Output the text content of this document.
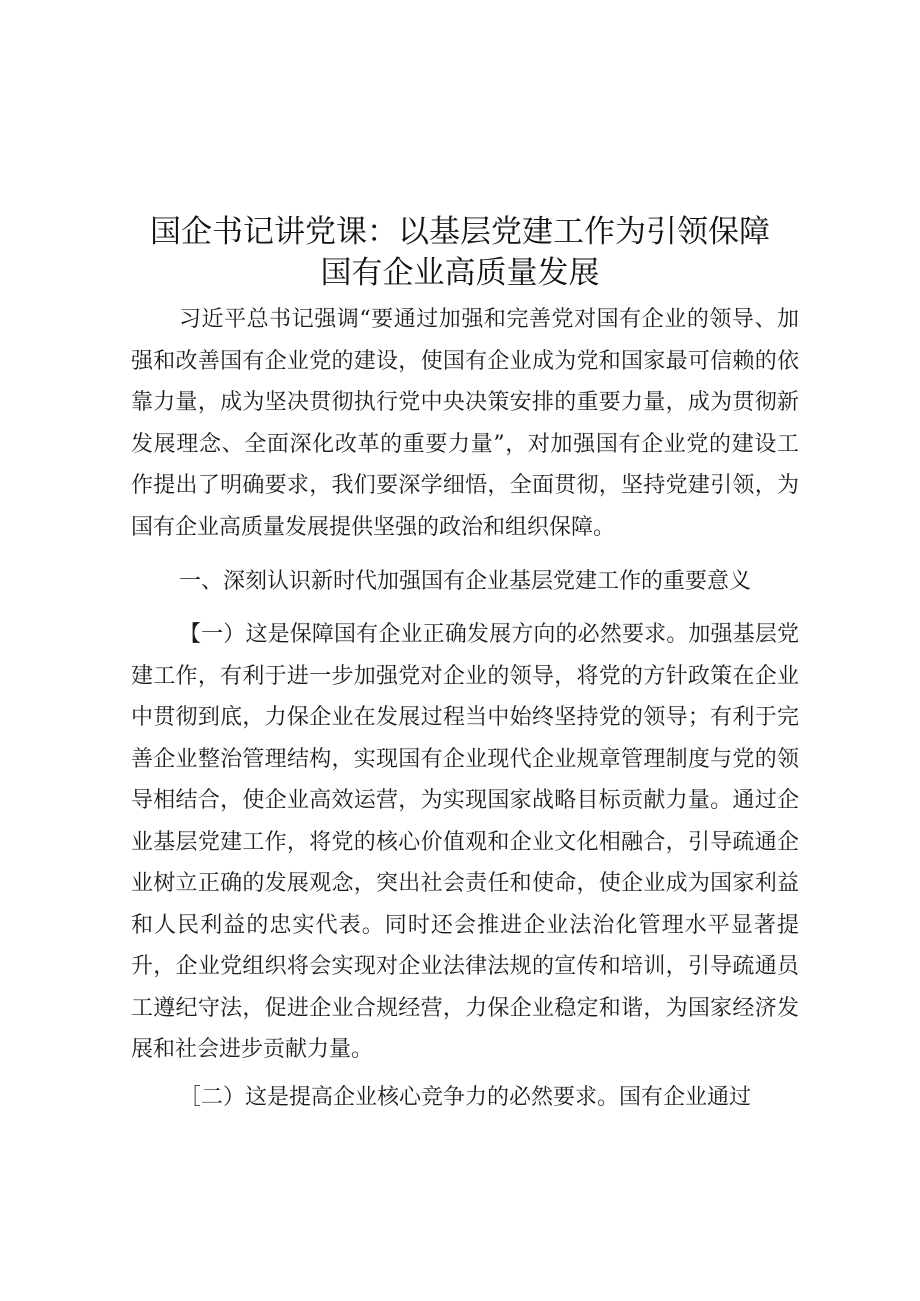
国企书记讲党课：以基层党建工作为引领保障
国有企业高质量发展

习近平总书记强调“要通过加强和完善党对国有企业的领导、加强和改善国有企业党的建设，使国有企业成为党和国家最可信赖的依靠力量，成为坚决贯彻执行党中央决策安排的重要力量，成为贯彻新发展理念、全面深化改革的重要力量”，对加强国有企业党的建设工作提出了明确要求，我们要深学细悟，全面贯彻，坚持党建引领，为国有企业高质量发展提供坚强的政治和组织保障。

一、深刻认识新时代加强国有企业基层党建工作的重要意义

【一）这是保障国有企业正确发展方向的必然要求。加强基层党建工作，有利于进一步加强党对企业的领导，将党的方针政策在企业中贯彻到底，力保企业在发展过程当中始终坚持党的领导；有利于完善企业整治管理结构，实现国有企业现代企业规章管理制度与党的领导相结合，使企业高效运营，为实现国家战略目标贡献力量。通过企业基层党建工作，将党的核心价值观和企业文化相融合，引导疏通企业树立正确的发展观念，突出社会责任和使命，使企业成为国家利益和人民利益的忠实代表。同时还会推进企业法治化管理水平显著提升，企业党组织将会实现对企业法律法规的宣传和培训，引导疏通员工遵纪守法，促进企业合规经营，力保企业稳定和谐，为国家经济发展和社会进步贡献力量。

［二）这是提高企业核心竞争力的必然要求。国有企业通过
